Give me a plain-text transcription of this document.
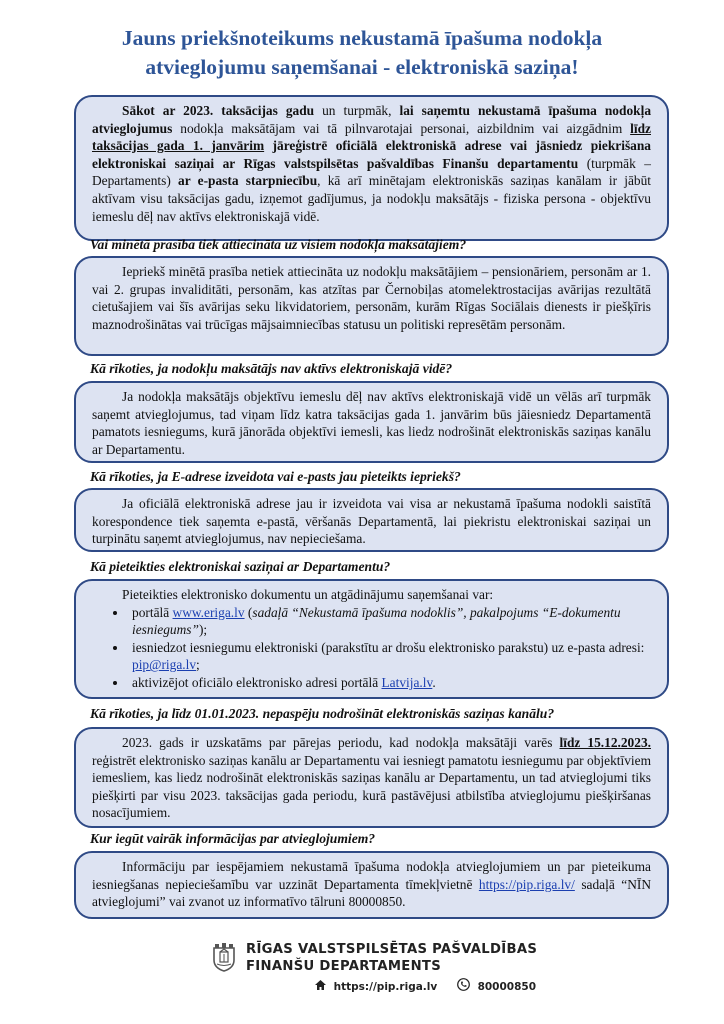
Jauns priekšnoteikums nekustamā īpašuma nodokļa
atvieglojumu saņemšanai - elektroniskā saziņa!

Sākot ar 2023. taksācijas gadu un turpmāk, lai saņemtu nekustamā īpašuma nodokļa atvieglojumus nodokļa maksātājam vai tā pilnvarotajai personai, aizbildnim vai aizgādnim līdz taksācijas gada 1. janvārim jāreģistrē oficiālā elektroniskā adrese vai jāsniedz piekrišana elektroniskai saziņai ar Rīgas valstspilsētas pašvaldības Finanšu departamentu (turpmāk – Departaments) ar e-pasta starpniecību, kā arī minētajam elektroniskās saziņas kanālam ir jābūt aktīvam visu taksācijas gadu, izņemot gadījumus, ja nodokļu maksātājs - fiziska persona - objektīvu iemeslu dēļ nav aktīvs elektroniskajā vidē.

Vai minētā prasība tiek attiecināta uz visiem nodokļa maksātājiem?

Iepriekš minētā prasība netiek attiecināta uz nodokļu maksātājiem – pensionāriem, personām ar 1. vai 2. grupas invaliditāti, personām, kas atzītas par Černobiļas atomelektrostacijas avārijas rezultātā cietušajiem vai šīs avārijas seku likvidatoriem, personām, kurām Rīgas Sociālais dienests ir piešķīris maznodrošinātas vai trūcīgas mājsaimniecības statusu un politiski represētām personām.

Kā rīkoties, ja nodokļu maksātājs nav aktīvs elektroniskajā vidē?

Ja nodokļa maksātājs objektīvu iemeslu dēļ nav aktīvs elektroniskajā vidē un vēlās arī turpmāk saņemt atvieglojumus, tad viņam līdz katra taksācijas gada 1. janvārim būs jāiesniedz Departamentā pamatots iesniegums, kurā jānorāda objektīvi iemesli, kas liedz nodrošināt elektroniskās saziņas kanālu ar Departamentu.

Kā rīkoties, ja E-adrese izveidota vai e-pasts jau pieteikts iepriekš?

Ja oficiālā elektroniskā adrese jau ir izveidota vai visa ar nekustamā īpašuma nodokli saistītā korespondence tiek saņemta e-pastā, vēršanās Departamentā, lai piekristu elektroniskai saziņai un turpinātu saņemt atvieglojumus, nav nepieciešama.

Kā pieteikties elektroniskai saziņai ar Departamentu?

Pieteikties elektronisko dokumentu un atgādinājumu saņemšanai var:

• portālā www.eriga.lv (sadaļā “Nekustamā īpašuma nodoklis”, pakalpojums “E-dokumentu iesniegums”);
• iesniedzot iesniegumu elektroniski (parakstītu ar drošu elektronisko parakstu) uz e-pasta adresi: pip@riga.lv;
• aktivizējot oficiālo elektronisko adresi portālā Latvija.lv.
Kā rīkoties, ja līdz 01.01.2023. nepaspēju nodrošināt elektroniskās saziņas kanālu?

2023. gads ir uzskatāms par pārejas periodu, kad nodokļa maksātāji varēs līdz 15.12.2023. reģistrēt elektronisko saziņas kanālu ar Departamentu vai iesniegt pamatotu iesniegumu par objektīviem iemesliem, kas liedz nodrošināt elektroniskās saziņas kanālu ar Departamentu, un tad atvieglojumi tiks piešķirti par visu 2023. taksācijas gada periodu, kurā pastāvējusi atbilstība atvieglojumu piešķiršanas nosacījumiem.

Kur iegūt vairāk informācijas par atvieglojumiem?

Informāciju par iespējamiem nekustamā īpašuma nodokļa atvieglojumiem un par pieteikuma iesniegšanas nepieciešamību var uzzināt Departamenta tīmekļvietnē https://pip.riga.lv/ sadaļā “NĪN atvieglojumi” vai zvanot uz informatīvo tālruni 80000850.

RĪGAS VALSTSPILSĒTAS PAŠVALDĪBAS
FINANŠU DEPARTAMENTS
https://pip.riga.lv	80000850
